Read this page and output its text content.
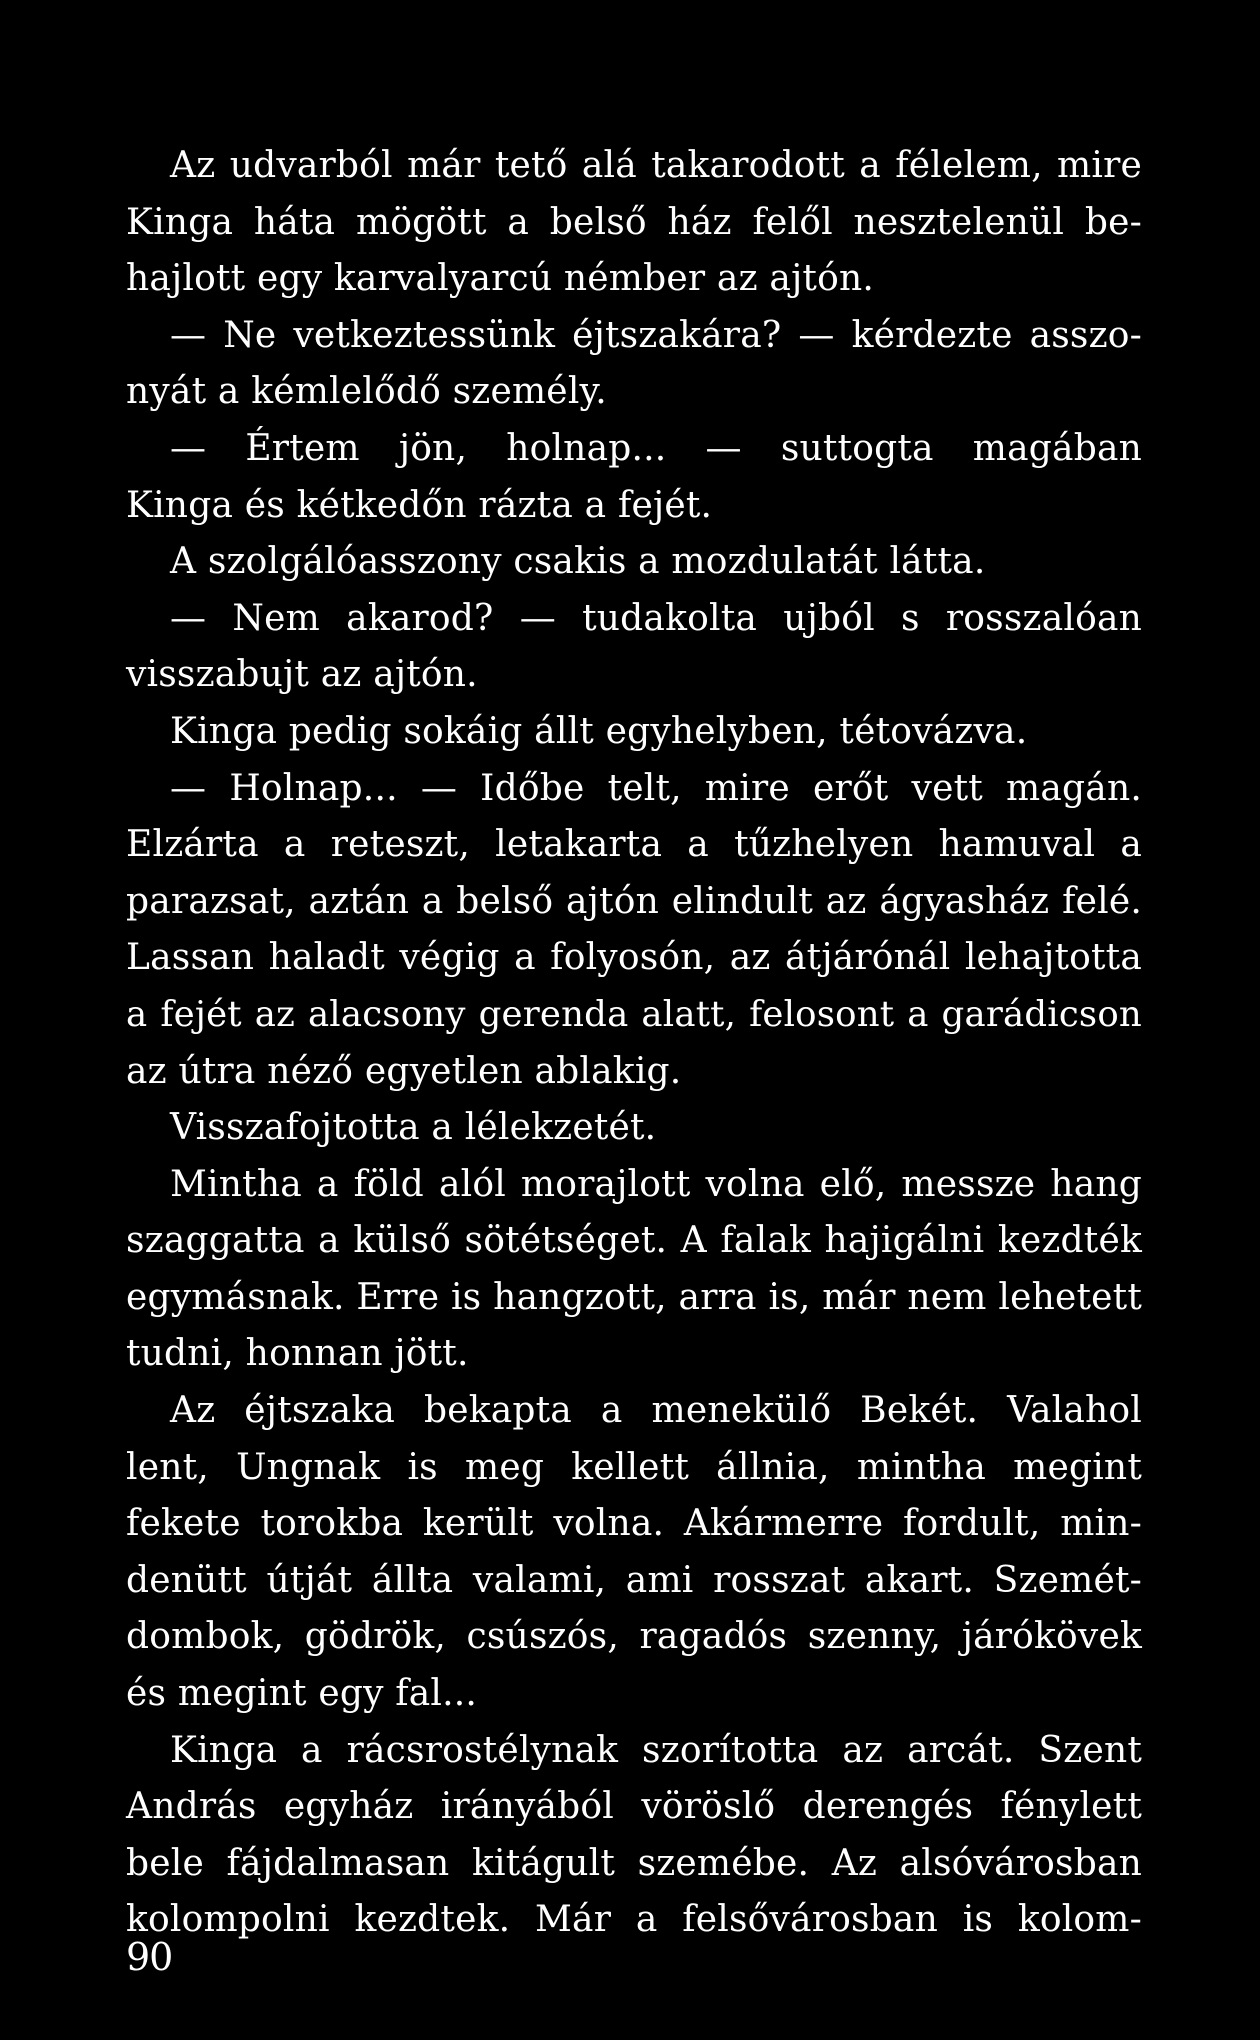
Az udvarból már tető alá takarodott a félelem, mire
Kinga háta mögött a belső ház felől nesztelenül be-
hajlott egy karvalyarcú némber az ajtón.
— Ne vetkeztessünk éjtszakára? — kérdezte asszo-
nyát a kémlelődő személy.
— Értem jön, holnap... — suttogta magában
Kinga és kétkedőn rázta a fejét.
A szolgálóasszony csakis a mozdulatát látta.
— Nem akarod? — tudakolta ujból s rosszalóan
visszabujt az ajtón.
Kinga pedig sokáig állt egyhelyben, tétovázva.
— Holnap... — Időbe telt, mire erőt vett magán.
Elzárta a reteszt, letakarta a tűzhelyen hamuval a
parazsat, aztán a belső ajtón elindult az ágyasház felé.
Lassan haladt végig a folyosón, az átjárónál lehajtotta
a fejét az alacsony gerenda alatt, felosont a garádicson
az útra néző egyetlen ablakig.
Visszafojtotta a lélekzetét.
Mintha a föld alól morajlott volna elő, messze hang
szaggatta a külső sötétséget. A falak hajigálni kezdték
egymásnak. Erre is hangzott, arra is, már nem lehetett
tudni, honnan jött.
Az éjtszaka bekapta a menekülő Bekét. Valahol
lent, Ungnak is meg kellett állnia, mintha megint
fekete torokba került volna. Akármerre fordult, min-
denütt útját állta valami, ami rosszat akart. Szemét-
dombok, gödrök, csúszós, ragadós szenny, járókövek
és megint egy fal...
Kinga a rácsrostélynak szorította az arcát. Szent
András egyház irányából vöröslő derengés fénylett
bele fájdalmasan kitágult szemébe. Az alsóvárosban
kolompolni kezdtek. Már a felsővárosban is kolom-
90
